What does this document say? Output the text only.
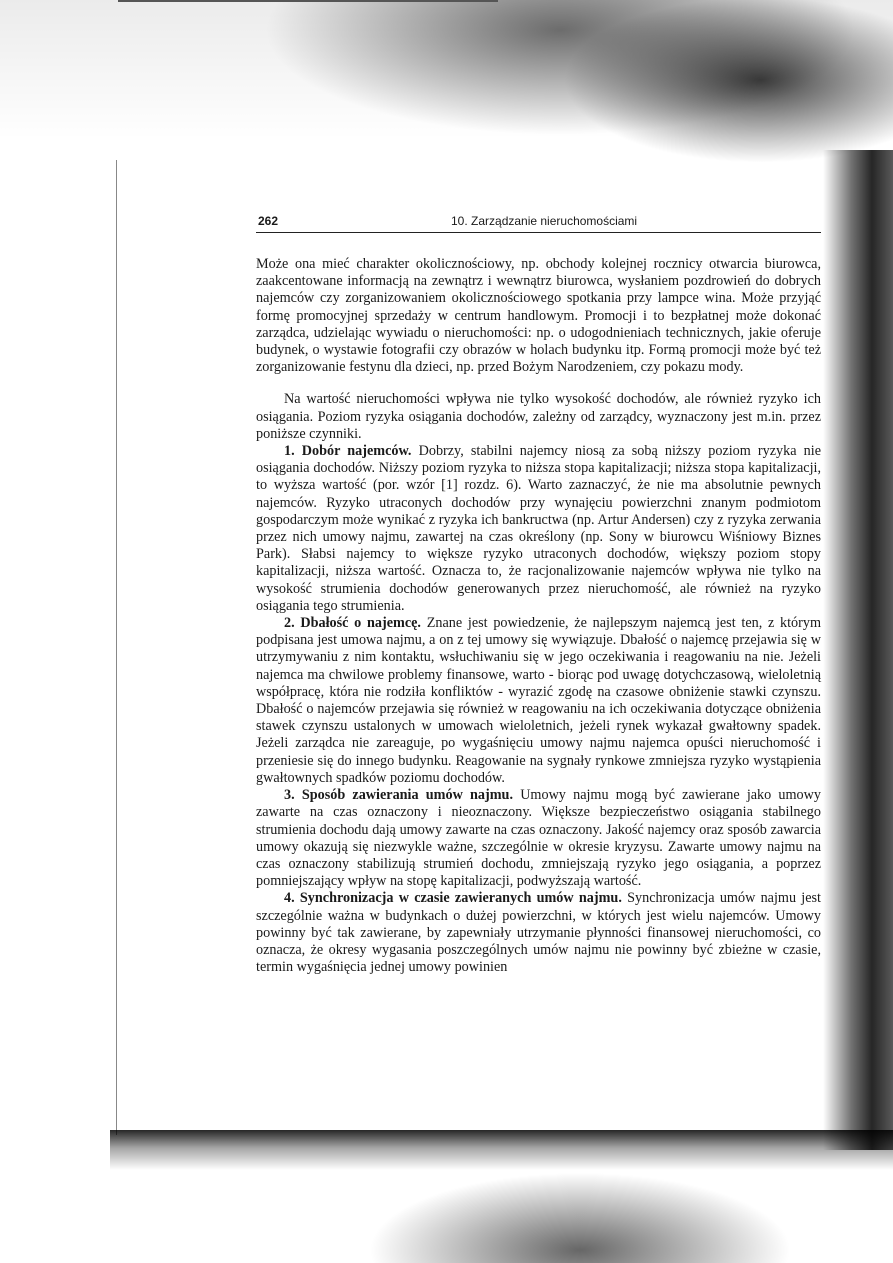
262	10. Zarządzanie nieruchomościami

Może ona mieć charakter okolicznościowy, np. obchody kolejnej rocznicy otwarcia biurowca, zaakcentowane informacją na zewnątrz i wewnątrz biurowca, wysłaniem pozdrowień do dobrych najemców czy zorganizowaniem okolicznościowego spotkania przy lampce wina. Może przyjąć formę promocyjnej sprzedaży w centrum handlowym. Promocji i to bezpłatnej może dokonać zarządca, udzielając wywiadu o nieruchomości: np. o udogodnieniach technicznych, jakie oferuje budynek, o wystawie fotografii czy obrazów w holach budynku itp. Formą promocji może być też zorganizowanie festynu dla dzieci, np. przed Bożym Narodzeniem, czy pokazu mody.

Na wartość nieruchomości wpływa nie tylko wysokość dochodów, ale również ryzyko ich osiągania. Poziom ryzyka osiągania dochodów, zależny od zarządcy, wyznaczony jest m.in. przez poniższe czynniki.

1. Dobór najemców. Dobrzy, stabilni najemcy niosą za sobą niższy poziom ryzyka nie osiągania dochodów. Niższy poziom ryzyka to niższa stopa kapitalizacji; niższa stopa kapitalizacji, to wyższa wartość (por. wzór [1] rozdz. 6). Warto zaznaczyć, że nie ma absolutnie pewnych najemców. Ryzyko utraconych dochodów przy wynajęciu powierzchni znanym podmiotom gospodarczym może wynikać z ryzyka ich bankructwa (np. Artur Andersen) czy z ryzyka zerwania przez nich umowy najmu, zawartej na czas określony (np. Sony w biurowcu Wiśniowy Biznes Park). Słabsi najemcy to większe ryzyko utraconych dochodów, większy poziom stopy kapitalizacji, niższa wartość. Oznacza to, że racjonalizowanie najemców wpływa nie tylko na wysokość strumienia dochodów generowanych przez nieruchomość, ale również na ryzyko osiągania tego strumienia.

2. Dbałość o najemcę. Znane jest powiedzenie, że najlepszym najemcą jest ten, z którym podpisana jest umowa najmu, a on z tej umowy się wywiązuje. Dbałość o najemcę przejawia się w utrzymywaniu z nim kontaktu, wsłuchiwaniu się w jego oczekiwania i reagowaniu na nie. Jeżeli najemca ma chwilowe problemy finansowe, warto - biorąc pod uwagę dotychczasową, wieloletnią współpracę, która nie rodziła konfliktów - wyrazić zgodę na czasowe obniżenie stawki czynszu. Dbałość o najemców przejawia się również w reagowaniu na ich oczekiwania dotyczące obniżenia stawek czynszu ustalonych w umowach wieloletnich, jeżeli rynek wykazał gwałtowny spadek. Jeżeli zarządca nie zareaguje, po wygaśnięciu umowy najmu najemca opuści nieruchomość i przeniesie się do innego budynku. Reagowanie na sygnały rynkowe zmniejsza ryzyko wystąpienia gwałtownych spadków poziomu dochodów.

3. Sposób zawierania umów najmu. Umowy najmu mogą być zawierane jako umowy zawarte na czas oznaczony i nieoznaczony. Większe bezpieczeństwo osiągania stabilnego strumienia dochodu dają umowy zawarte na czas oznaczony. Jakość najemcy oraz sposób zawarcia umowy okazują się niezwykle ważne, szczególnie w okresie kryzysu. Zawarte umowy najmu na czas oznaczony stabilizują strumień dochodu, zmniejszają ryzyko jego osiągania, a poprzez pomniejszający wpływ na stopę kapitalizacji, podwyższają wartość.

4. Synchronizacja w czasie zawieranych umów najmu. Synchronizacja umów najmu jest szczególnie ważna w budynkach o dużej powierzchni, w których jest wielu najemców. Umowy powinny być tak zawierane, by zapewniały utrzymanie płynności finansowej nieruchomości, co oznacza, że okresy wygasania poszczególnych umów najmu nie powinny być zbieżne w czasie, termin wygaśnięcia jednej umowy powinien
